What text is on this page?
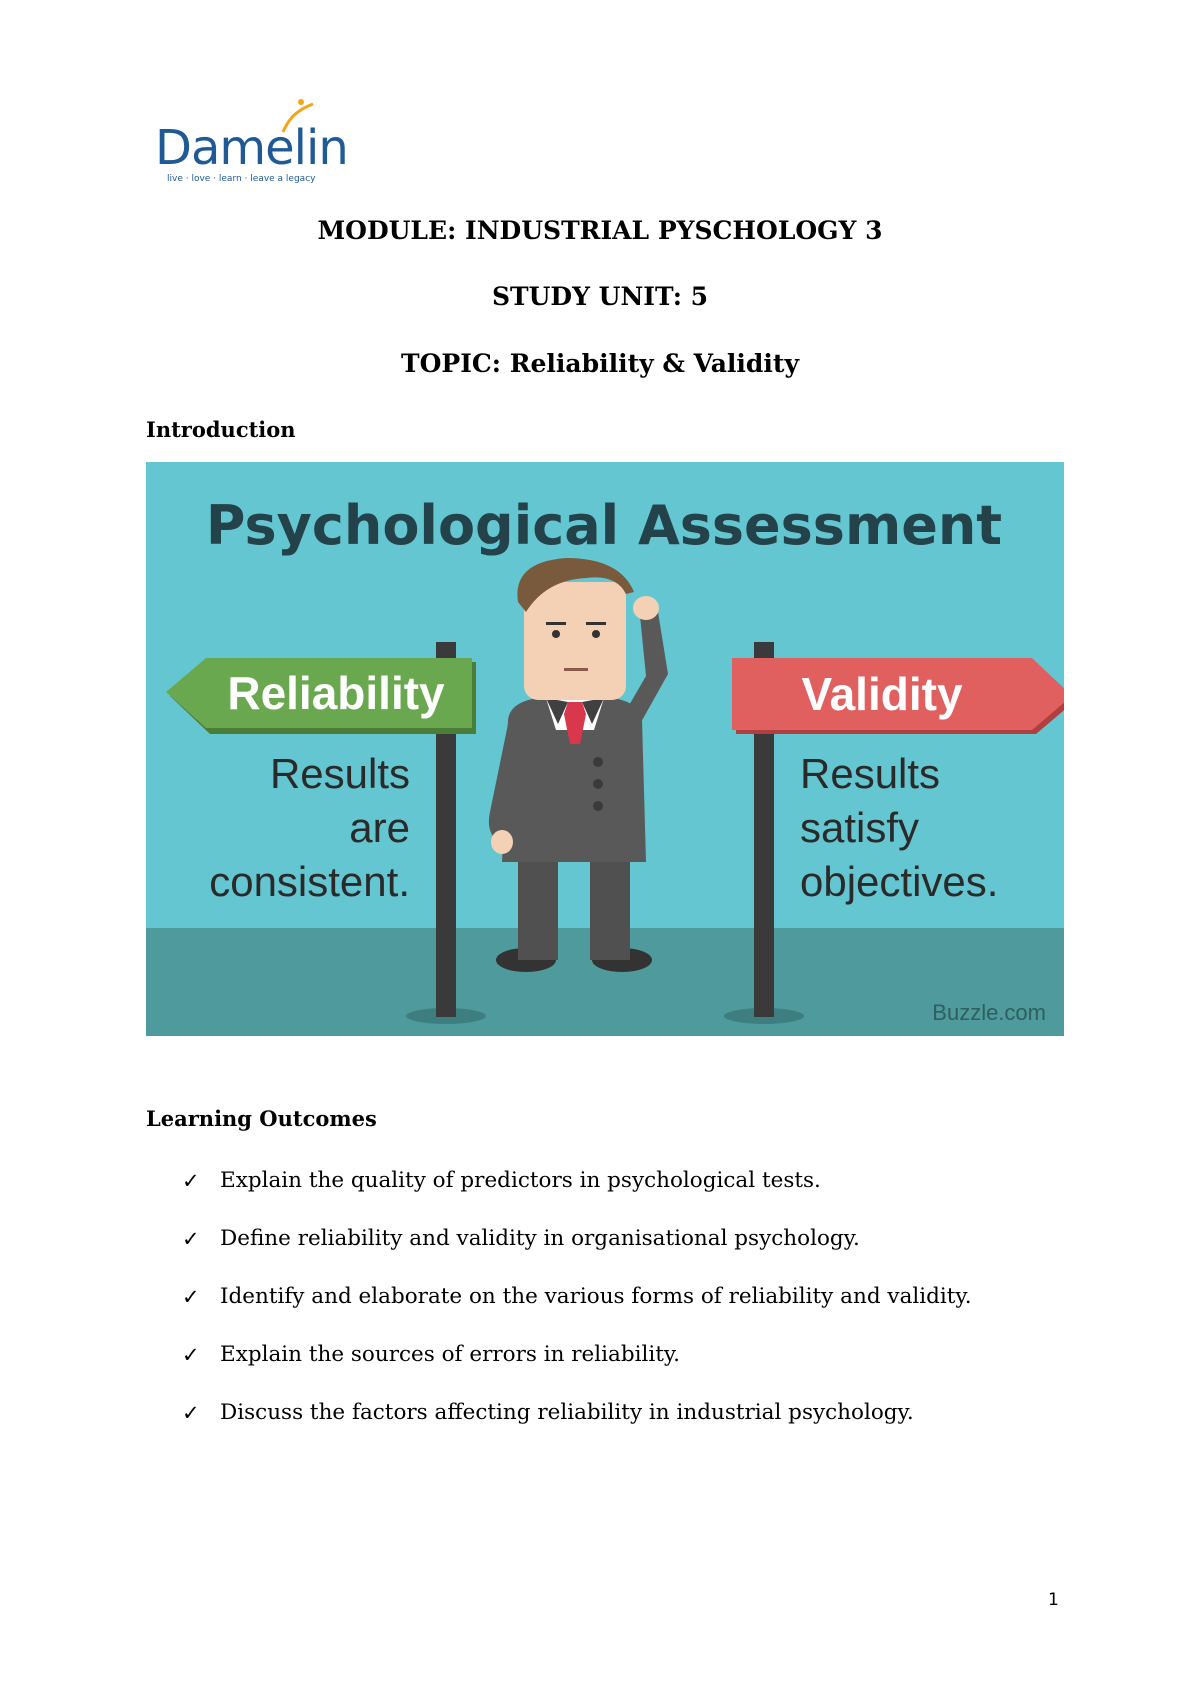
Damelin
live · love · learn · leave a legacy
MODULE: INDUSTRIAL PYSCHOLOGY 3
STUDY UNIT: 5
TOPIC: Reliability & Validity
Introduction
Psychological Assessment
Reliability	Validity
Results
are
consistent.
Results
satisfy
objectives.
Buzzle.com
Learning Outcomes
✓ Explain the quality of predictors in psychological tests.
✓ Define reliability and validity in organisational psychology.
✓ Identify and elaborate on the various forms of reliability and validity.
✓ Explain the sources of errors in reliability.
✓ Discuss the factors affecting reliability in industrial psychology.
1
